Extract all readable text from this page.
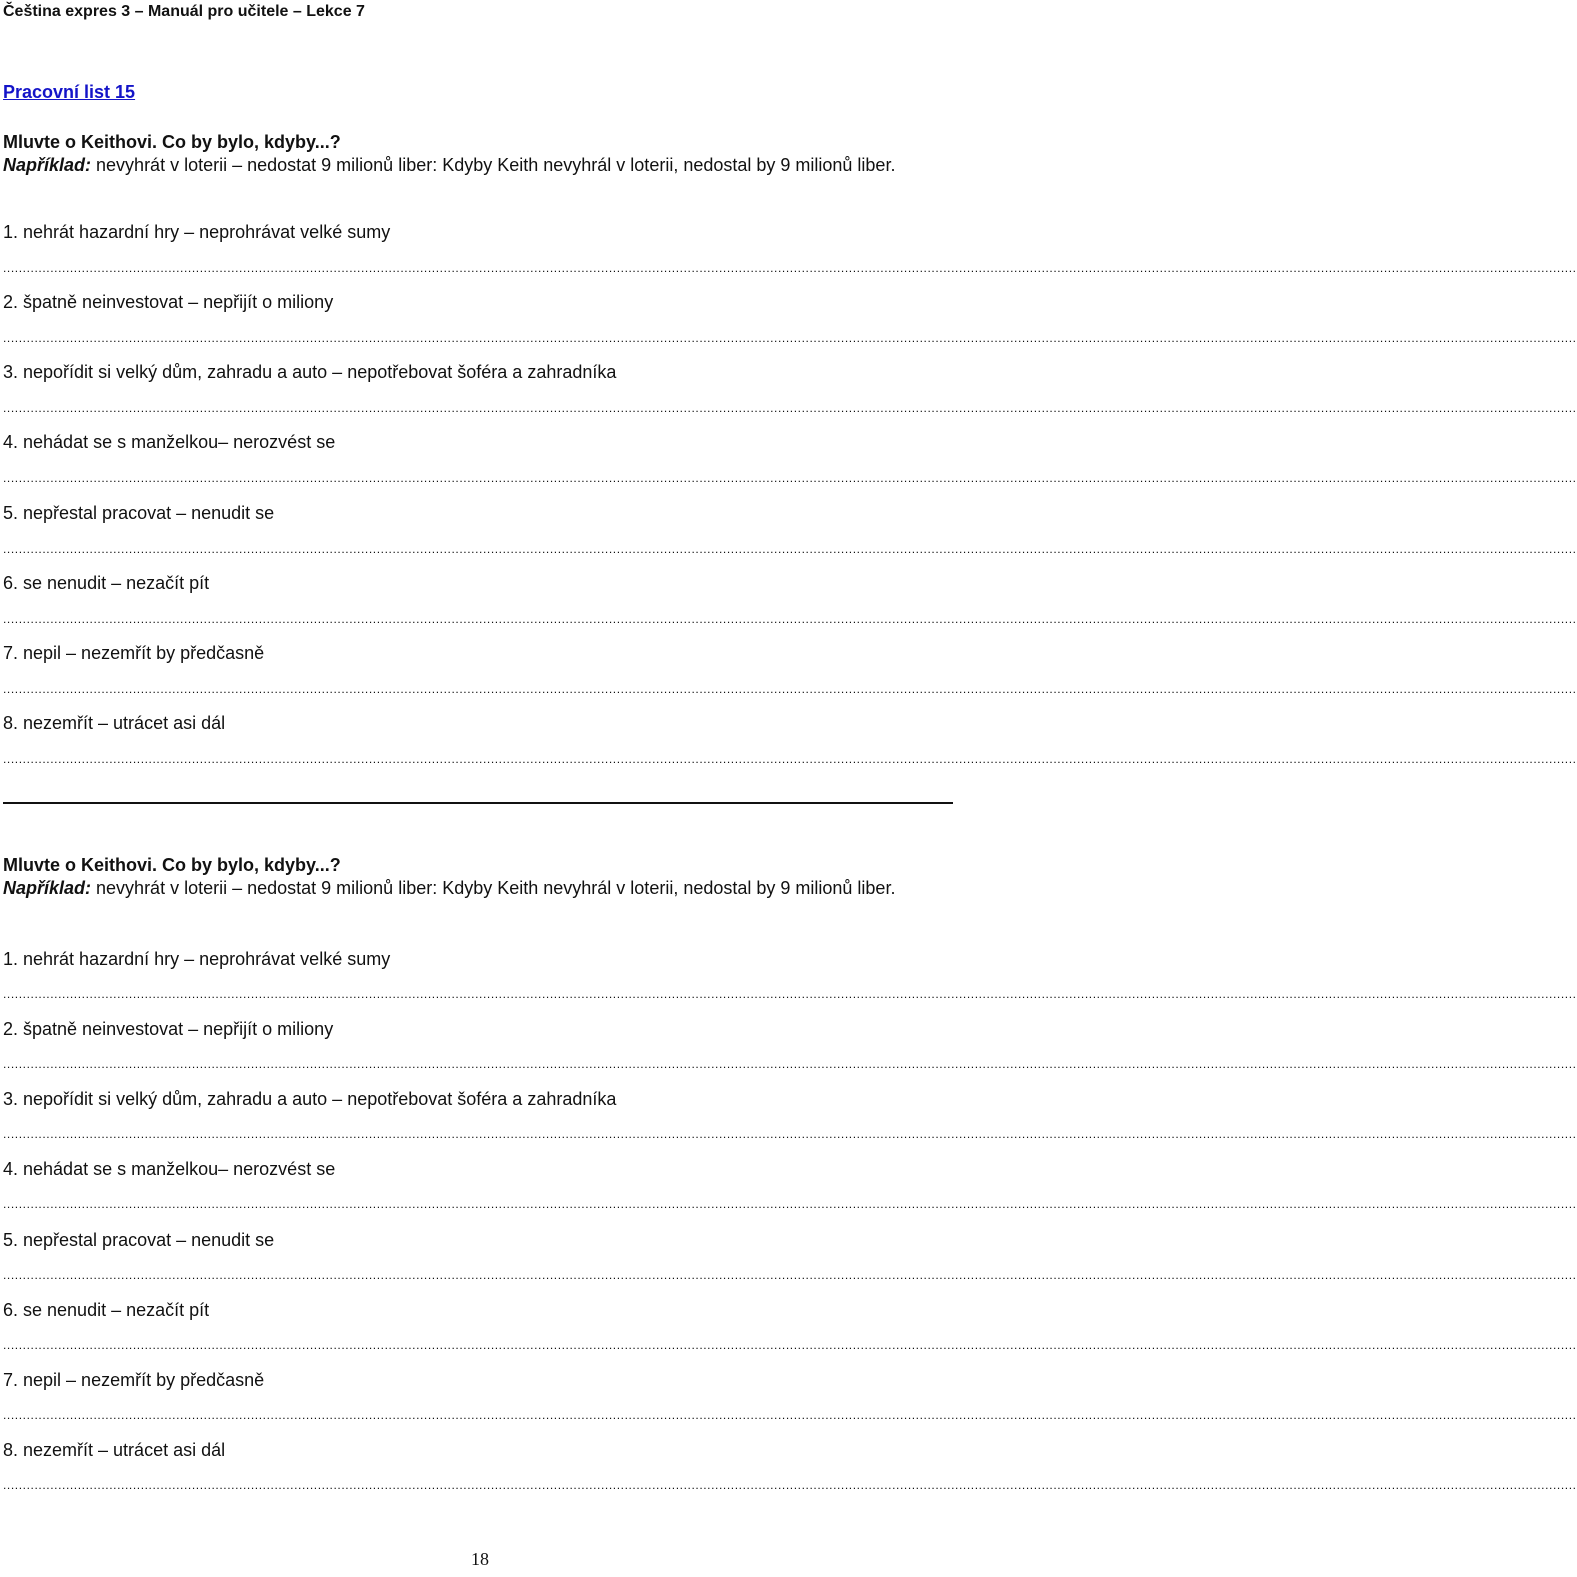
Čeština expres 3 – Manuál pro učitele – Lekce 7
Pracovní list 15
Mluvte o Keithovi. Co by bylo, kdyby...?
Například: nevyhrát v loterii – nedostat 9 milionů liber: Kdyby Keith nevyhrál v loterii, nedostal by 9 milionů liber.
1. nehrát hazardní hry – neprohrávat velké sumy
................................................................................................................................................................................................................................................................................................................................................................................................................
2. špatně neinvestovat – nepřijít o miliony
................................................................................................................................................................................................................................................................................................................................................................................................................
3. nepořídit si velký dům, zahradu a auto – nepotřebovat šoféra a zahradníka
................................................................................................................................................................................................................................................................................................................................................................................................................
4. nehádat se s manželkou– nerozvést se
................................................................................................................................................................................................................................................................................................................................................................................................................
5. nepřestal pracovat – nenudit se
................................................................................................................................................................................................................................................................................................................................................................................................................
6. se nenudit – nezačít pít
................................................................................................................................................................................................................................................................................................................................................................................................................
7. nepil – nezemřít by předčasně
................................................................................................................................................................................................................................................................................................................................................................................................................
8. nezemřít – utrácet asi dál
................................................................................................................................................................................................................................................................................................................................................................................................................
Mluvte o Keithovi. Co by bylo, kdyby...?
Například: nevyhrát v loterii – nedostat 9 milionů liber: Kdyby Keith nevyhrál v loterii, nedostal by 9 milionů liber.
1. nehrát hazardní hry – neprohrávat velké sumy
................................................................................................................................................................................................................................................................................................................................................................................................................
2. špatně neinvestovat – nepřijít o miliony
................................................................................................................................................................................................................................................................................................................................................................................................................
3. nepořídit si velký dům, zahradu a auto – nepotřebovat šoféra a zahradníka
................................................................................................................................................................................................................................................................................................................................................................................................................
4. nehádat se s manželkou– nerozvést se
................................................................................................................................................................................................................................................................................................................................................................................................................
5. nepřestal pracovat – nenudit se
................................................................................................................................................................................................................................................................................................................................................................................................................
6. se nenudit – nezačít pít
................................................................................................................................................................................................................................................................................................................................................................................................................
7. nepil – nezemřít by předčasně
................................................................................................................................................................................................................................................................................................................................................................................................................
8. nezemřít – utrácet asi dál
................................................................................................................................................................................................................................................................................................................................................................................................................
18
